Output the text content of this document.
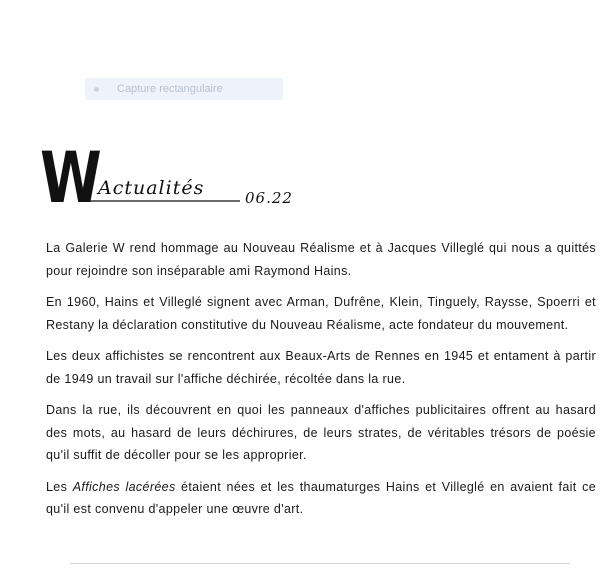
Capture rectangulaire
W
Actualités	06.22

La Galerie W rend hommage au Nouveau Réalisme et à Jacques Villeglé qui nous a quittés pour rejoindre son inséparable ami Raymond Hains.

En 1960, Hains et Villeglé signent avec Arman, Dufrêne, Klein, Tinguely, Raysse, Spoerri et Restany la déclaration constitutive du Nouveau Réalisme, acte fondateur du mouvement.

Les deux affichistes se rencontrent aux Beaux-Arts de Rennes en 1945 et entament à partir de 1949 un travail sur l'affiche déchirée, récoltée dans la rue.

Dans la rue, ils découvrent en quoi les panneaux d'affiches publicitaires offrent au hasard des mots, au hasard de leurs déchirures, de leurs strates, de véritables trésors de poésie qu'il suffit de décoller pour se les approprier.

Les Affiches lacérées étaient nées et les thaumaturges Hains et Villeglé en avaient fait ce qu'il est convenu d'appeler une œuvre d'art.
